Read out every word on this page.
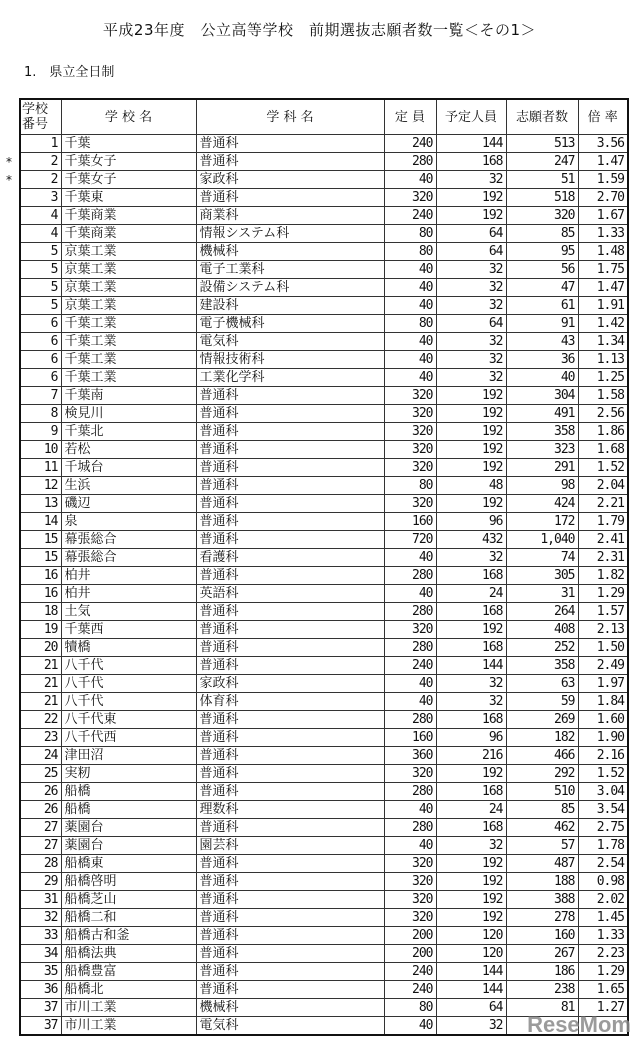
平成23年度　公立高等学校　前期選抜志願者数一覧＜その1＞
1.　県立全日制
学校
番号	学 校 名	学 科 名	定 員	予定人員	志願者数	倍 率
1	千葉	普通科	240	144	513	3.56
2	千葉女子	普通科	280	168	247	1.47
2	千葉女子	家政科	40	32	51	1.59
3	千葉東	普通科	320	192	518	2.70
4	千葉商業	商業科	240	192	320	1.67
4	千葉商業	情報システム科	80	64	85	1.33
5	京葉工業	機械科	80	64	95	1.48
5	京葉工業	電子工業科	40	32	56	1.75
5	京葉工業	設備システム科	40	32	47	1.47
5	京葉工業	建設科	40	32	61	1.91
6	千葉工業	電子機械科	80	64	91	1.42
6	千葉工業	電気科	40	32	43	1.34
6	千葉工業	情報技術科	40	32	36	1.13
6	千葉工業	工業化学科	40	32	40	1.25
7	千葉南	普通科	320	192	304	1.58
8	検見川	普通科	320	192	491	2.56
9	千葉北	普通科	320	192	358	1.86
10	若松	普通科	320	192	323	1.68
11	千城台	普通科	320	192	291	1.52
12	生浜	普通科	80	48	98	2.04
13	磯辺	普通科	320	192	424	2.21
14	泉	普通科	160	96	172	1.79
15	幕張総合	普通科	720	432	1,040	2.41
15	幕張総合	看護科	40	32	74	2.31
16	柏井	普通科	280	168	305	1.82
16	柏井	英語科	40	24	31	1.29
18	土気	普通科	280	168	264	1.57
19	千葉西	普通科	320	192	408	2.13
20	犢橋	普通科	280	168	252	1.50
21	八千代	普通科	240	144	358	2.49
21	八千代	家政科	40	32	63	1.97
21	八千代	体育科	40	32	59	1.84
22	八千代東	普通科	280	168	269	1.60
23	八千代西	普通科	160	96	182	1.90
24	津田沼	普通科	360	216	466	2.16
25	実籾	普通科	320	192	292	1.52
26	船橋	普通科	280	168	510	3.04
26	船橋	理数科	40	24	85	3.54
27	薬園台	普通科	280	168	462	2.75
27	薬園台	園芸科	40	32	57	1.78
28	船橋東	普通科	320	192	487	2.54
29	船橋啓明	普通科	320	192	188	0.98
31	船橋芝山	普通科	320	192	388	2.02
32	船橋二和	普通科	320	192	278	1.45
33	船橋古和釜	普通科	200	120	160	1.33
34	船橋法典	普通科	200	120	267	2.23
35	船橋豊富	普通科	240	144	186	1.29
36	船橋北	普通科	240	144	238	1.65
37	市川工業	機械科	80	64	81	1.27
37	市川工業	電気科	40	32		ReseMom
*
*
